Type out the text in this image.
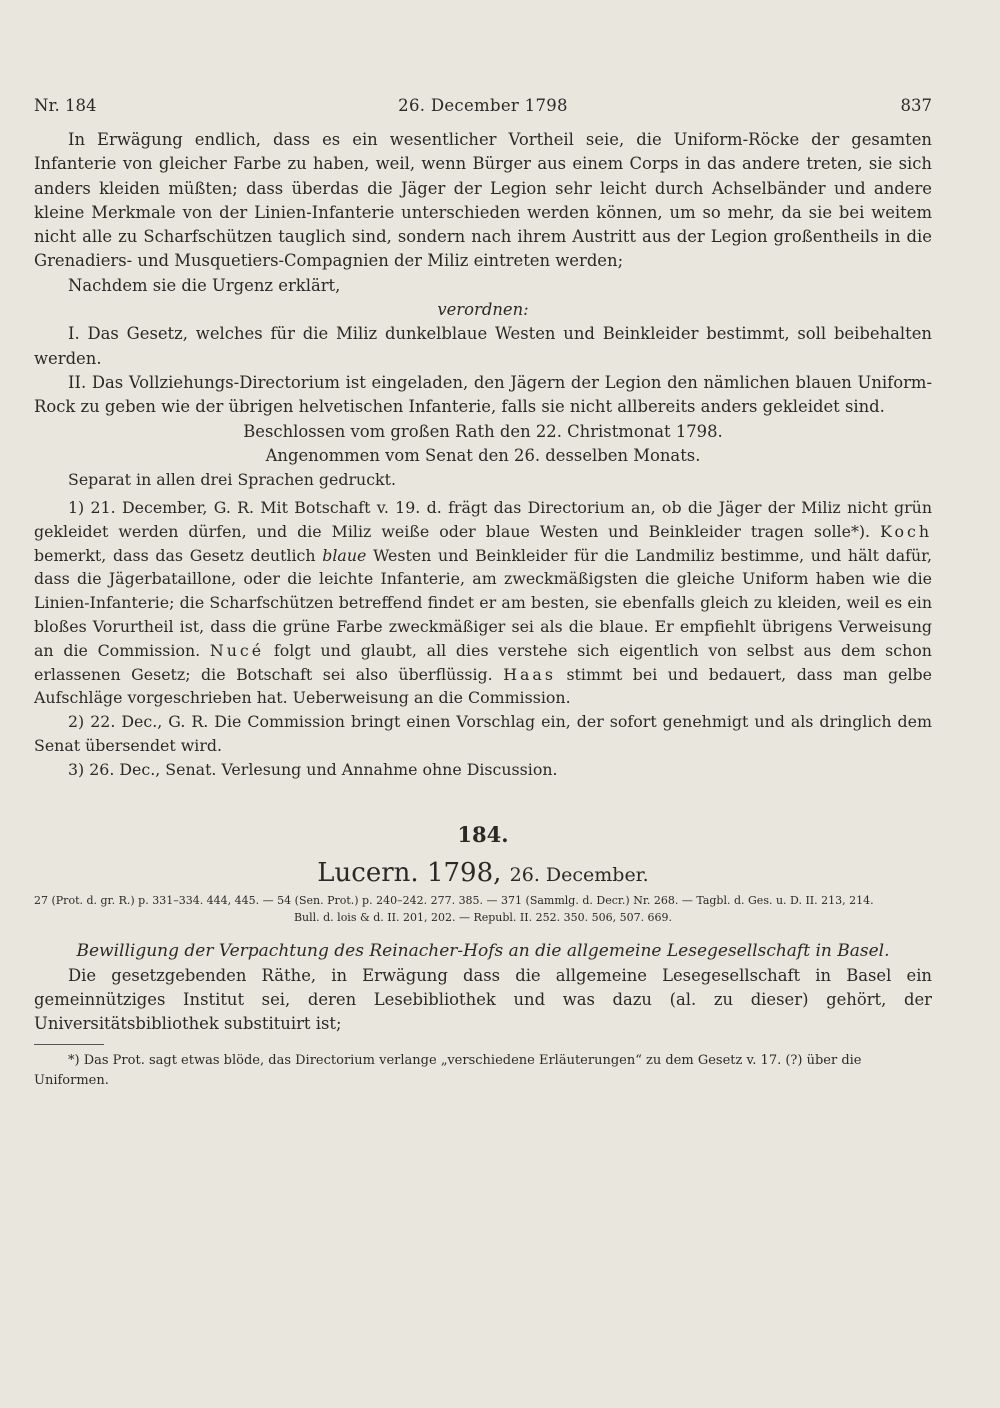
Nr. 184	26. December 1798	837

In Erwägung endlich, dass es ein wesentlicher Vortheil seie, die Uniform-Röcke der gesamten Infanterie von gleicher Farbe zu haben, weil, wenn Bürger aus einem Corps in das andere treten, sie sich anders kleiden müßten; dass überdas die Jäger der Legion sehr leicht durch Achselbänder und andere kleine Merkmale von der Linien-Infanterie unterschieden werden können, um so mehr, da sie bei weitem nicht alle zu Scharfschützen tauglich sind, sondern nach ihrem Austritt aus der Legion großentheils in die Grenadiers- und Musquetiers-Compagnien der Miliz eintreten werden;

Nachdem sie die Urgenz erklärt,

verordnen:

I. Das Gesetz, welches für die Miliz dunkelblaue Westen und Beinkleider bestimmt, soll beibehalten werden.

II. Das Vollziehungs-Directorium ist eingeladen, den Jägern der Legion den nämlichen blauen Uniform-Rock zu geben wie der übrigen helvetischen Infanterie, falls sie nicht allbereits anders gekleidet sind.

Beschlossen vom großen Rath den 22. Christmonat 1798.

Angenommen vom Senat den 26. desselben Monats.

Separat in allen drei Sprachen gedruckt.

1) 21. December, G. R. Mit Botschaft v. 19. d. frägt das Directorium an, ob die Jäger der Miliz nicht grün gekleidet werden dürfen, und die Miliz weiße oder blaue Westen und Beinkleider tragen solle*). Koch bemerkt, dass das Gesetz deutlich blaue Westen und Beinkleider für die Landmiliz bestimme, und hält dafür, dass die Jägerbataillone, oder die leichte Infanterie, am zweckmäßigsten die gleiche Uniform haben wie die Linien-Infanterie; die Scharfschützen betreffend findet er am besten, sie ebenfalls gleich zu kleiden, weil es ein bloßes Vorurtheil ist, dass die grüne Farbe zweckmäßiger sei als die blaue. Er empfiehlt übrigens Verweisung an die Commission. Nucé folgt und glaubt, all dies verstehe sich eigentlich von selbst aus dem schon erlassenen Gesetz; die Botschaft sei also überflüssig. Haas stimmt bei und bedauert, dass man gelbe Aufschläge vorgeschrieben hat. Ueberweisung an die Commission.

2) 22. Dec., G. R. Die Commission bringt einen Vorschlag ein, der sofort genehmigt und als dringlich dem Senat übersendet wird.

3) 26. Dec., Senat. Verlesung und Annahme ohne Discussion.

184.

Lucern. 1798, 26. December.

27 (Prot. d. gr. R.) p. 331–334. 444, 445. — 54 (Sen. Prot.) p. 240–242. 277. 385. — 371 (Sammlg. d. Decr.) Nr. 268. — Tagbl. d. Ges. u. D. II. 213, 214.

Bull. d. lois & d. II. 201, 202. — Republ. II. 252. 350. 506, 507. 669.

Bewilligung der Verpachtung des Reinacher-Hofs an die allgemeine Lesegesellschaft in Basel.

Die gesetzgebenden Räthe, in Erwägung dass die allgemeine Lesegesellschaft in Basel ein gemeinnütziges Institut sei, deren Lesebibliothek und was dazu (al. zu dieser) gehört, der Universitätsbibliothek substituirt ist;

*) Das Prot. sagt etwas blöde, das Directorium verlange „verschiedene Erläuterungen“ zu dem Gesetz v. 17. (?) über die Uniformen.
